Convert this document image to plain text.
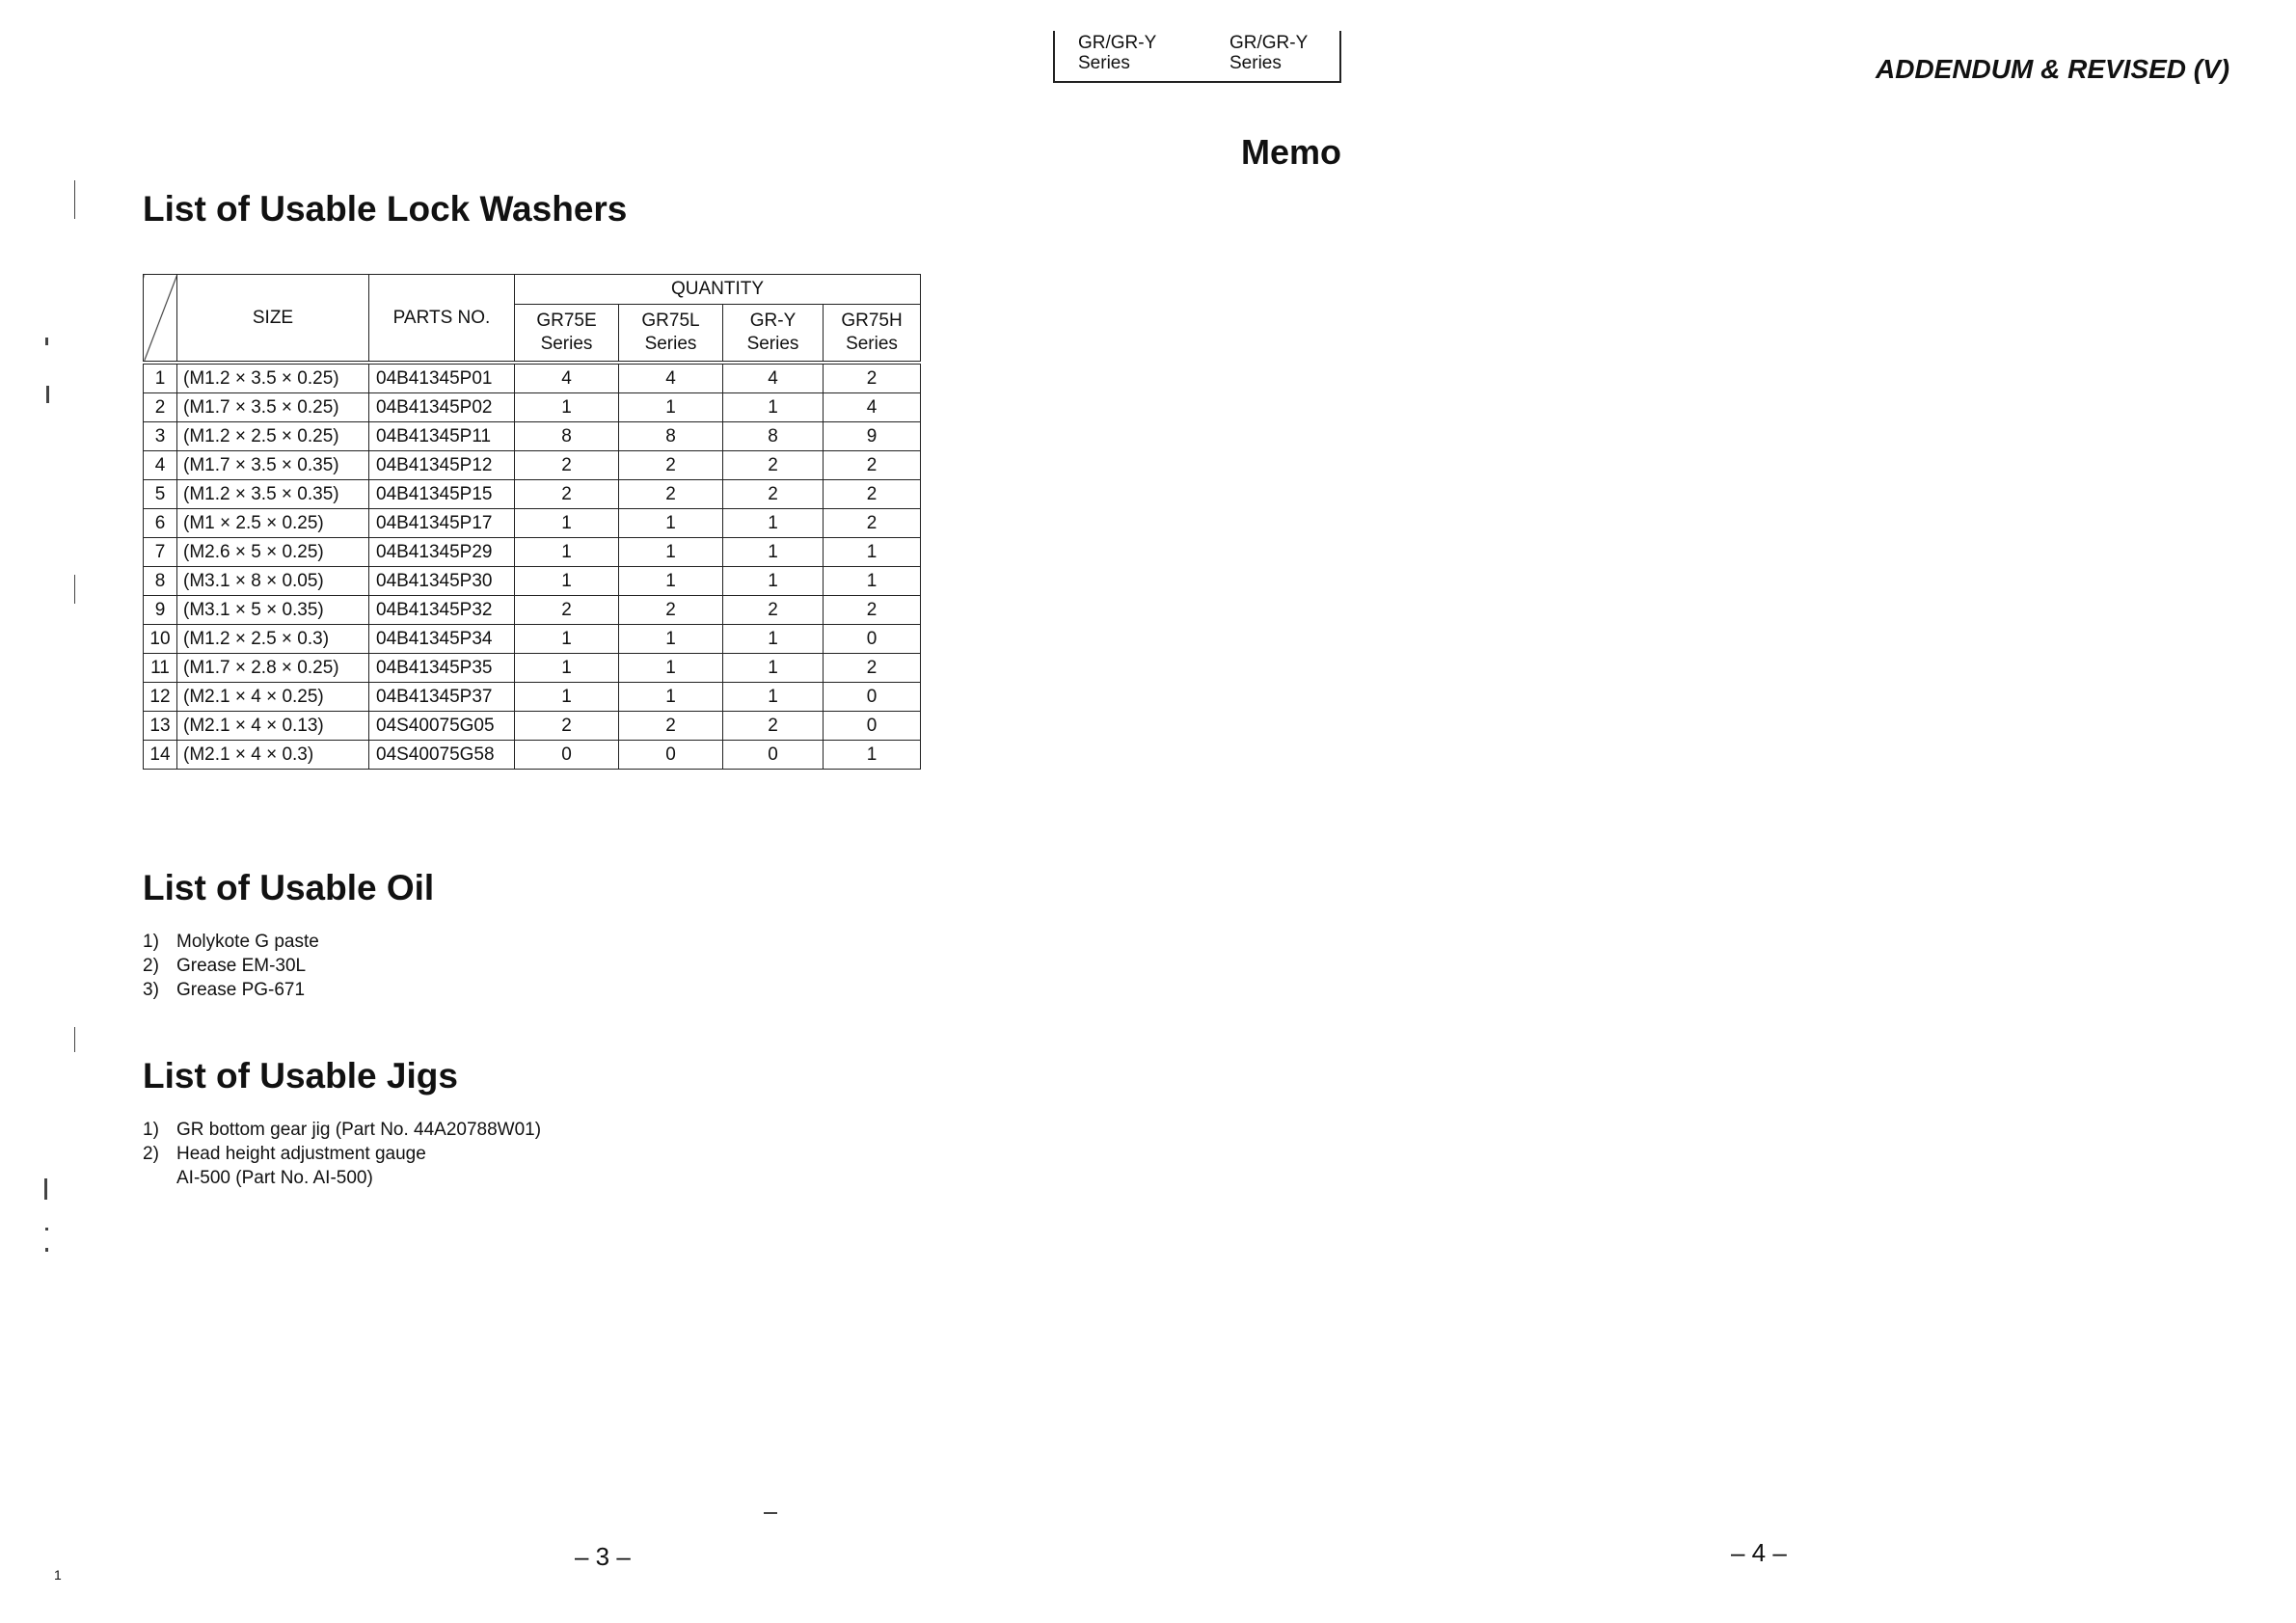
GR/GR-Y
Series
GR/GR-Y
Series	ADDENDUM & REVISED (V)
Memo
List of Usable Lock Washers
	SIZE	PARTS NO.	QUANTITY			
			GR75E
Series	GR75L
Series	GR-Y
Series	GR75H
Series
1	(M1.2 × 3.5 × 0.25)	04B41345P01	4	4	4	2
2	(M1.7 × 3.5 × 0.25)	04B41345P02	1	1	1	4
3	(M1.2 × 2.5 × 0.25)	04B41345P11	8	8	8	9
4	(M1.7 × 3.5 × 0.35)	04B41345P12	2	2	2	2
5	(M1.2 × 3.5 × 0.35)	04B41345P15	2	2	2	2
6	(M1 × 2.5 × 0.25)	04B41345P17	1	1	1	2
7	(M2.6 × 5 × 0.25)	04B41345P29	1	1	1	1
8	(M3.1 × 8 × 0.05)	04B41345P30	1	1	1	1
9	(M3.1 × 5 × 0.35)	04B41345P32	2	2	2	2
10	(M1.2 × 2.5 × 0.3)	04B41345P34	1	1	1	0
11	(M1.7 × 2.8 × 0.25)	04B41345P35	1	1	1	2
12	(M2.1 × 4 × 0.25)	04B41345P37	1	1	1	0
13	(M2.1 × 4 × 0.13)	04S40075G05	2	2	2	0
14	(M2.1 × 4 × 0.3)	04S40075G58	0	0	0	1
List of Usable Oil
1) Molykote G paste
2) Grease EM-30L
3) Grease PG-671
List of Usable Jigs
1) GR bottom gear jig (Part No. 44A20788W01)
2) Head height adjustment gauge
AI-500 (Part No. AI-500)
– 3 –	– 4 –
1
